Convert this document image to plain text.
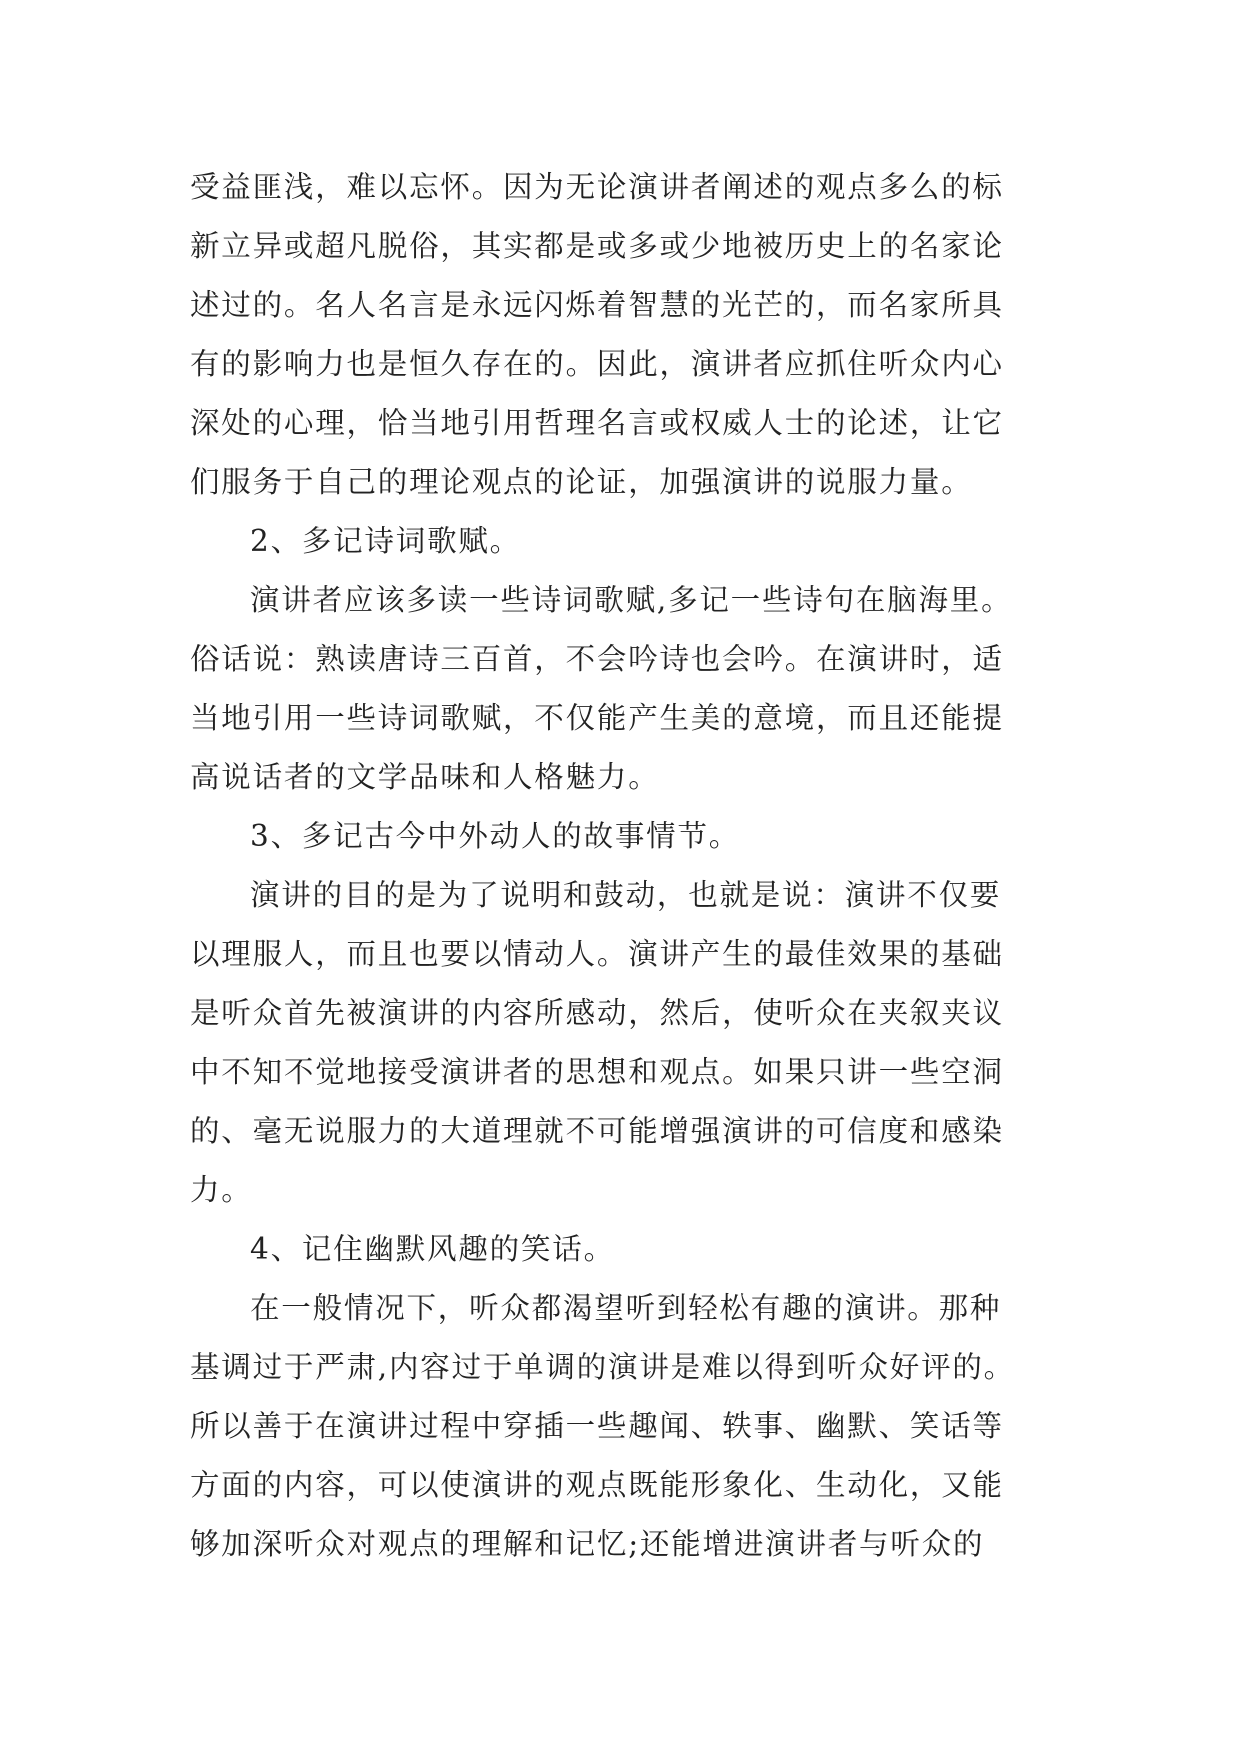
受益匪浅，难以忘怀。因为无论演讲者阐述的观点多么的标
新立异或超凡脱俗，其实都是或多或少地被历史上的名家论
述过的。名人名言是永远闪烁着智慧的光芒的，而名家所具
有的影响力也是恒久存在的。因此，演讲者应抓住听众内心
深处的心理，恰当地引用哲理名言或权威人士的论述，让它
们服务于自己的理论观点的论证，加强演讲的说服力量。
2、多记诗词歌赋。
演讲者应该多读一些诗词歌赋,多记一些诗句在脑海里。
俗话说：熟读唐诗三百首，不会吟诗也会吟。在演讲时，适
当地引用一些诗词歌赋，不仅能产生美的意境，而且还能提
高说话者的文学品味和人格魅力。
3、多记古今中外动人的故事情节。
演讲的目的是为了说明和鼓动，也就是说：演讲不仅要
以理服人，而且也要以情动人。演讲产生的最佳效果的基础
是听众首先被演讲的内容所感动，然后，使听众在夹叙夹议
中不知不觉地接受演讲者的思想和观点。如果只讲一些空洞
的、毫无说服力的大道理就不可能增强演讲的可信度和感染
力。
4、记住幽默风趣的笑话。
在一般情况下，听众都渴望听到轻松有趣的演讲。那种
基调过于严肃,内容过于单调的演讲是难以得到听众好评的。
所以善于在演讲过程中穿插一些趣闻、轶事、幽默、笑话等
方面的内容，可以使演讲的观点既能形象化、生动化，又能
够加深听众对观点的理解和记忆;还能增进演讲者与听众的
